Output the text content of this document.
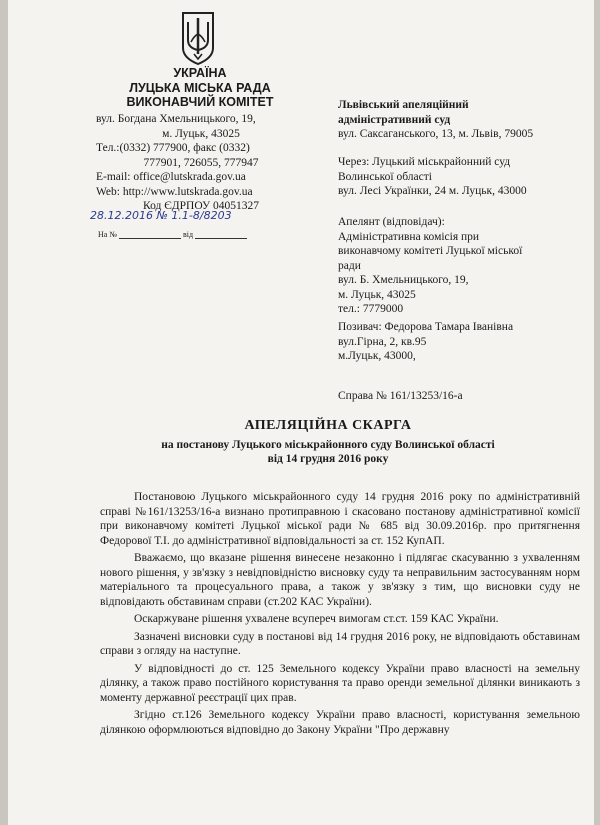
УКРАЇНА
ЛУЦЬКА МІСЬКА РАДА
ВИКОНАВЧИЙ КОМІТЕТ
вул. Богдана Хмельницького, 19,
м. Луцьк, 43025
Тел.:(0332) 777900, факс (0332)
777901, 726055, 777947
E-mail: office@lutskrada.gov.ua
Web: http://www.lutskrada.gov.ua
Код ЄДРПОУ 04051327
28.12.2016 № 1.1-8/8203
На №	від
Львівський апеляційний
адміністративний суд
вул. Саксаганського, 13, м. Львів, 79005
Через: Луцький міськрайонний суд
Волинської області
вул. Лесі Українки, 24 м. Луцьк, 43000
Апелянт (відповідач):
Адміністративна комісія при
виконавчому комітеті Луцької міської
ради
вул. Б. Хмельницького, 19,
м. Луцьк, 43025
тел.: 7779000
Позивач: Федорова Тамара Іванівна
вул.Гірна, 2, кв.95
м.Луцьк, 43000,
Справа № 161/13253/16-а
АПЕЛЯЦІЙНА СКАРГА
на постанову Луцького міськрайонного суду Волинської області
від 14 грудня 2016 року

Постановою Луцького міськрайонного суду 14 грудня 2016 року по адміністративній справі №161/13253/16-а визнано протиправною і скасовано постанову адміністративної комісії при виконавчому комітеті Луцької міської ради № 685 від 30.09.2016р. про притягнення Федорової Т.І. до адміністративної відповідальності за ст. 152 КупАП.

Вважаємо, що вказане рішення винесене незаконно і підлягає скасуванню з ухваленням нового рішення, у зв'язку з невідповідністю висновку суду та неправильним застосуванням норм матеріального та процесуального права, а також у зв'язку з тим, що висновки суду не відповідають обставинам справи (ст.202 КАС України).

Оскаржуване рішення ухвалене всупереч вимогам ст.ст. 159 КАС України.

Зазначені висновки суду в постанові від 14 грудня 2016 року, не відповідають обставинам справи з огляду на наступне.

У відповідності до ст. 125 Земельного кодексу України право власності на земельну ділянку, а також право постійного користування та право оренди земельної ділянки виникають з моменту державної реєстрації цих прав.

Згідно ст.126 Земельного кодексу України право власності, користування земельною ділянкою оформлюються відповідно до Закону України "Про державну
